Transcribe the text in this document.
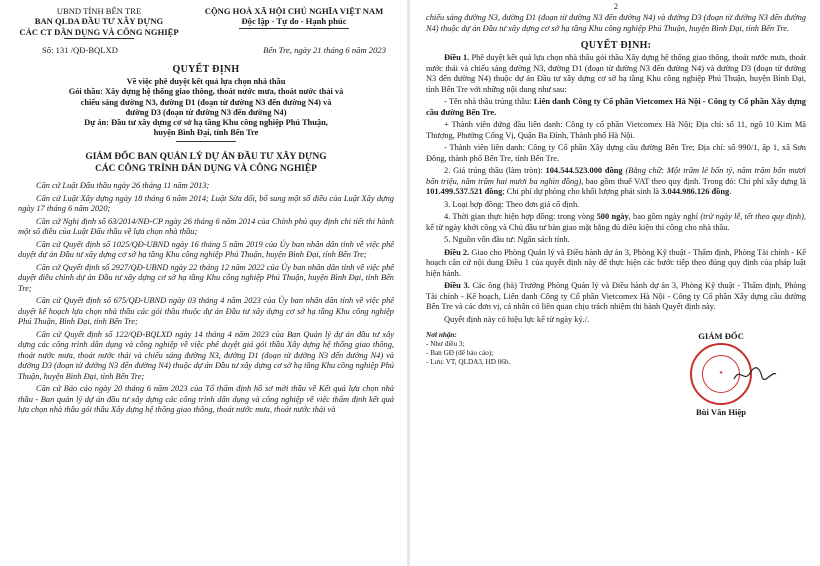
UBND TỈNH BẾN TRE
BAN QLDA ĐẦU TƯ XÂY DỰNG
CÁC CT DÂN DỤNG VÀ CÔNG NGHIỆP
CỘNG HOÀ XÃ HỘI CHỦ NGHĨA VIỆT NAM
Độc lập - Tự do - Hạnh phúc
Số: 131 /QĐ-BQLXD	Bến Tre, ngày 21 tháng 6 năm 2023
QUYẾT ĐỊNH
Về việc phê duyệt kết quả lựa chọn nhà thầu
Gói thầu: Xây dựng hệ thống giao thông, thoát nước mưa, thoát nước thải và
chiếu sáng đường N3, đường D1 (đoạn từ đường N3 đến đường N4) và
đường D3 (đoạn từ đường N3 đến đường N4)
Dự án: Đầu tư xây dựng cơ sở hạ tầng Khu công nghiệp Phú Thuận,
huyện Bình Đại, tỉnh Bến Tre
GIÁM ĐỐC BAN QUẢN LÝ DỰ ÁN ĐẦU TƯ XÂY DỰNG
CÁC CÔNG TRÌNH DÂN DỤNG VÀ CÔNG NGHIỆP

Căn cứ Luật Đấu thầu ngày 26 tháng 11 năm 2013;

Căn cứ Luật Xây dựng ngày 18 tháng 6 năm 2014; Luật Sửa đổi, bổ sung một số điều của Luật Xây dựng ngày 17 tháng 6 năm 2020;

Căn cứ Nghị định số 63/2014/NĐ-CP ngày 26 tháng 6 năm 2014 của Chính phủ quy định chi tiết thi hành một số điều của Luật Đấu thầu về lựa chọn nhà thầu;

Căn cứ Quyết định số 1025/QĐ-UBND ngày 16 tháng 5 năm 2019 của Ủy ban nhân dân tỉnh về việc phê duyệt dự án Đầu tư xây dựng cơ sở hạ tầng Khu công nghiệp Phú Thuận, huyện Bình Đại, tỉnh Bến Tre;

Căn cứ Quyết định số 2927/QĐ-UBND ngày 22 tháng 12 năm 2022 của Ủy ban nhân dân tỉnh về việc phê duyệt điều chỉnh dự án Đầu tư xây dựng cơ sở hạ tầng Khu công nghiệp Phú Thuận, huyện Bình Đại, tỉnh Bến Tre;

Căn cứ Quyết định số 675/QĐ-UBND ngày 03 tháng 4 năm 2023 của Ủy ban nhân dân tỉnh về việc phê duyệt kế hoạch lựa chọn nhà thầu các gói thầu thuộc dự án Đầu tư xây dựng cơ sở hạ tầng Khu công nghiệp Phú Thuận, Bình Đại, tỉnh Bến Tre;

Căn cứ Quyết định số 122/QĐ-BQLXD ngày 14 tháng 4 năm 2023 của Ban Quản lý dự án đầu tư xây dựng các công trình dân dụng và công nghiệp về việc phê duyệt giá gói thầu Xây dựng hệ thống giao thông, thoát nước mưa, thoát nước thải và chiếu sáng đường N3, đường D1 (đoạn từ đường N3 đến đường N4) và đường D3 (đoạn từ đường N3 đến đường N4) thuộc dự án Đầu tư xây dựng cơ sở hạ tầng Khu công nghiệp Phú Thuận, huyện Bình Đại, tỉnh Bến Tre;

Căn cứ Báo cáo ngày 20 tháng 6 năm 2023 của Tổ thẩm định hồ sơ mời thầu về Kết quả lựa chọn nhà thầu - Ban quản lý dự án đầu tư xây dựng các công trình dân dụng và công nghiệp về việc thẩm định kết quả lựa chọn nhà thầu gói thầu Xây dựng hệ thống giao thông, thoát nước mưa, thoát nước thải và

2

chiếu sáng đường N3, đường D1 (đoạn từ đường N3 đến đường N4) và đường D3 (đoạn từ đường N3 đến đường N4) thuộc dự án Đầu tư xây dựng cơ sở hạ tầng Khu công nghiệp Phú Thuận, huyện Bình Đại, tỉnh Bến Tre.

QUYẾT ĐỊNH:

Điều 1. Phê duyệt kết quả lựa chọn nhà thầu gói thầu Xây dựng hệ thống giao thông, thoát nước mưa, thoát nước thải và chiếu sáng đường N3, đường D1 (đoạn từ đường N3 đến đường N4) và đường D3 (đoạn từ đường N3 đến đường N4) thuộc dự án Đầu tư xây dựng cơ sở hạ tầng Khu công nghiệp Phú Thuận, huyện Bình Đại, tỉnh Bến Tre với những nội dung như sau:

- Tên nhà thầu trúng thầu: Liên danh Công ty Cổ phần Vietcomex Hà Nội - Công ty Cổ phần Xây dựng cầu đường Bến Tre.

+ Thành viên đứng đầu liên danh: Công ty cổ phần Vietcomex Hà Nội; Địa chỉ: số 11, ngõ 10 Kim Mã Thượng, Phường Cống Vị, Quận Ba Đình, Thành phố Hà Nội.

- Thành viên liên danh: Công ty Cổ phần Xây dựng cầu đường Bến Tre; Địa chỉ: số 990/1, ấp 1, xã Sơn Đông, thành phố Bến Tre, tỉnh Bến Tre.

2. Giá trúng thầu (làm tròn): 104.544.523.000 đồng (Bằng chữ: Một trăm lẻ bốn tỷ, năm trăm bốn mươi bốn triệu, năm trăm hai mươi ba nghìn đồng), bao gồm thuế VAT theo quy định. Trong đó: Chi phí xây dựng là 101.499.537.521 đồng; Chi phí dự phòng cho khối lượng phát sinh là 3.044.986.126 đồng.

3. Loại hợp đồng: Theo đơn giá cố định.

4. Thời gian thực hiện hợp đồng: trong vòng 500 ngày, bao gồm ngày nghỉ (trừ ngày lễ, tết theo quy định), kể từ ngày khởi công và Chủ đầu tư bàn giao mặt bằng đủ điều kiện thi công cho nhà thầu.

5. Nguồn vốn đầu tư: Ngân sách tỉnh.

Điều 2. Giao cho Phòng Quản lý và Điều hành dự án 3, Phòng Kỹ thuật - Thẩm định, Phòng Tài chính - Kế hoạch căn cứ nội dung Điều 1 của quyết định này để thực hiện các bước tiếp theo đúng quy định của pháp luật hiện hành.

Điều 3. Các ông (bà) Trưởng Phòng Quản lý và Điều hành dự án 3, Phòng Kỹ thuật - Thẩm định, Phòng Tài chính - Kế hoạch, Liên danh Công ty Cổ phần Vietcomex Hà Nội - Công ty Cổ phần Xây dựng cầu đường Bến Tre và các đơn vị, cá nhân có liên quan chịu trách nhiệm thi hành Quyết định này.

Quyết định này có hiệu lực kể từ ngày ký./.

Nơi nhận:
- Như điều 3;
- Ban GĐ (để báo cáo);
- Lưu: VT, QLDA3, HD 06b.
GIÁM ĐỐC
★
Bùi Văn Hiệp
